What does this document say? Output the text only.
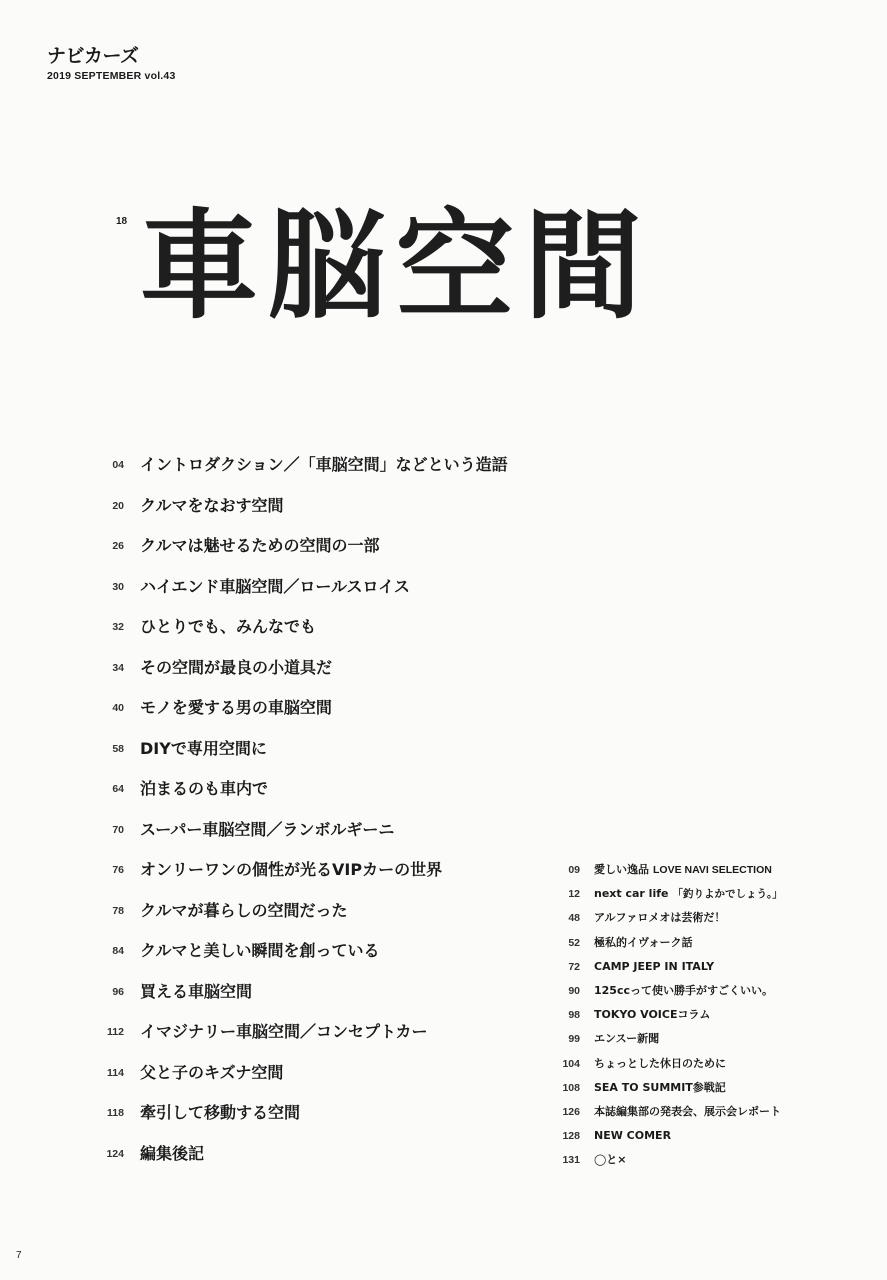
ナビカーズ
2019 SEPTEMBER vol.43
18 車脳空間
04 イントロダクション／「車脳空間」などという造語
20 クルマをなおす空間
26 クルマは魅せるための空間の一部
30 ハイエンド車脳空間／ロールスロイス
32 ひとりでも、みんなでも
34 その空間が最良の小道具だ
40 モノを愛する男の車脳空間
58 DIYで専用空間に
64 泊まるのも車内で
70 スーパー車脳空間／ランボルギーニ
76 オンリーワンの個性が光るVIPカーの世界
78 クルマが暮らしの空間だった
84 クルマと美しい瞬間を創っている
96 買える車脳空間
112 イマジナリー車脳空間／コンセプトカー
114 父と子のキズナ空間
118 牽引して移動する空間
124 編集後記
09 愛しい逸品 LOVE NAVI SELECTION
12 next car life 「釣りよかでしょう。」
48 アルファロメオは芸術だ！
52 極私的イヴォーク話
72 CAMP JEEP IN ITALY
90 125ccって使い勝手がすごくいい。
98 TOKYO VOICEコラム
99 エンスー新聞
104 ちょっとした休日のために
108 SEA TO SUMMIT参戦記
126 本誌編集部の発表会、展示会レポート
128 NEW COMER
131 ◯と×
7
